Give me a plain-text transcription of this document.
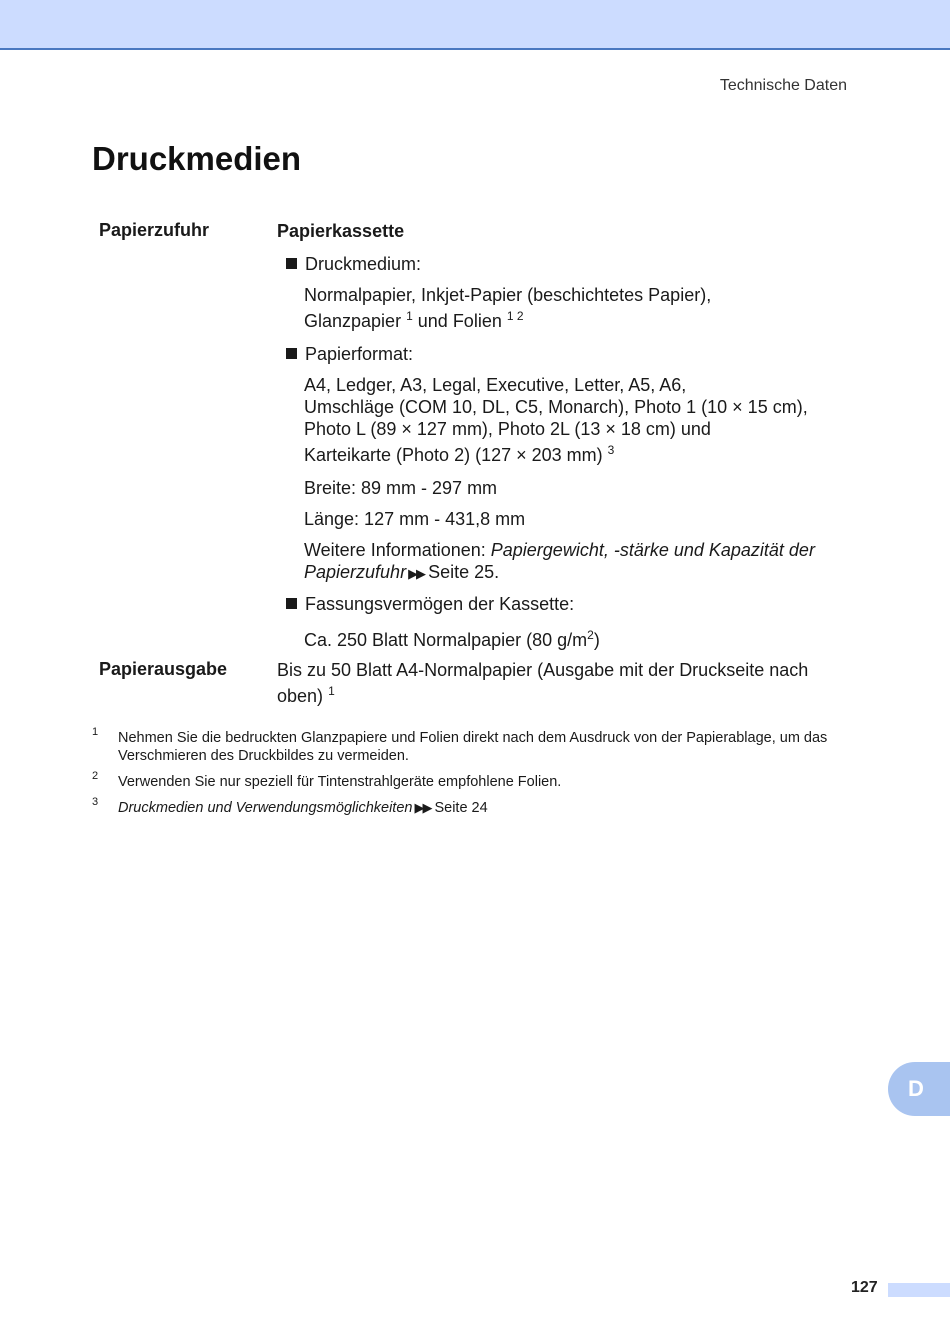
Technische Daten
Druckmedien
Papierzufuhr	Papierkassette
Druckmedium:
Normalpapier, Inkjet-Papier (beschichtetes Papier),
Glanzpapier $^1$ und Folien $^{1 2}$
Papierformat:
A4, Ledger, A3, Legal, Executive, Letter, A5, A6,
Umschläge (COM 10, DL, C5, Monarch), Photo 1 (10 × 15 cm),
Photo L (89 × 127 mm), Photo 2L (13 × 18 cm) und
Karteikarte (Photo 2) (127 × 203 mm) $^3$
Breite: 89 mm - 297 mm
Länge: 127 mm - 431,8 mm
Weitere Informationen: Papiergewicht, -stärke und Kapazität der Papierzufuhr ▶▶ Seite 25.
Fassungsvermögen der Kassette:
Ca. 250 Blatt Normalpapier (80 $g/m^2$)
Papierausgabe	Bis zu 50 Blatt A4-Normalpapier (Ausgabe mit der Druckseite nach
oben) $^1$
1 Nehmen Sie die bedruckten Glanzpapiere und Folien direkt nach dem Ausdruck von der Papierablage, um das Verschmieren des Druckbildes zu vermeiden.
2 Verwenden Sie nur speziell für Tintenstrahlgeräte empfohlene Folien.
3 Druckmedien und Verwendungsmöglichkeiten ▶▶ Seite 24
D
127
